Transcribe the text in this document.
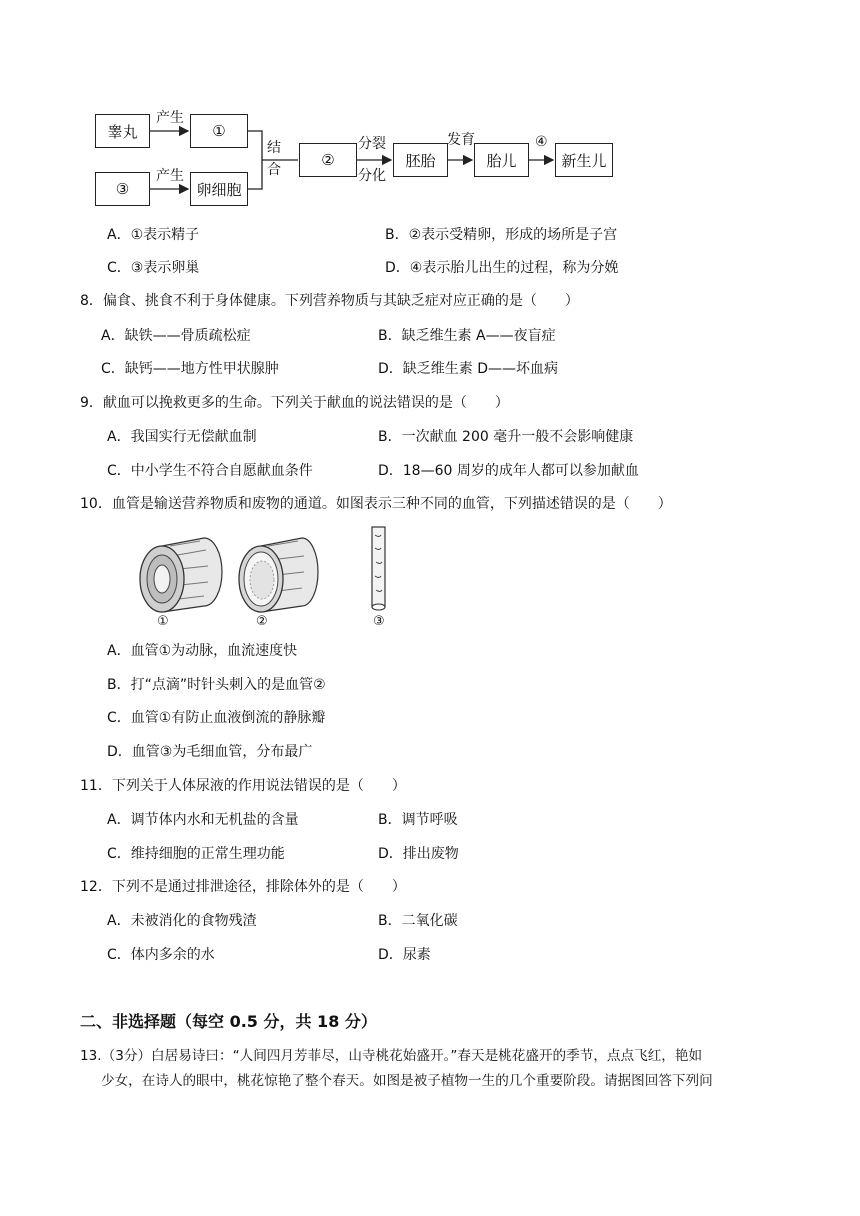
睾丸	①
③	卵细胞
②	胚胎	胎儿	新生儿
产生
产生
结
合
分裂
分化
发育	④
A．①表示精子	B．②表示受精卵，形成的场所是子宫
C．③表示卵巢	D．④表示胎儿出生的过程，称为分娩
8．偏食、挑食不利于身体健康。下列营养物质与其缺乏症对应正确的是（　　）
A．缺铁——骨质疏松症	B．缺乏维生素 A——夜盲症
C．缺钙——地方性甲状腺肿	D．缺乏维生素 D——坏血病
9．献血可以挽救更多的生命。下列关于献血的说法错误的是（　　）
A．我国实行无偿献血制	B．一次献血 200 毫升一般不会影响健康
C．中小学生不符合自愿献血条件	D．18—60 周岁的成年人都可以参加献血
10．血管是输送营养物质和废物的通道。如图表示三种不同的血管，下列描述错误的是（　　）
①	②	③
A．血管①为动脉，血流速度快
B．打“点滴”时针头刺入的是血管②
C．血管①有防止血液倒流的静脉瓣
D．血管③为毛细血管，分布最广
11．下列关于人体尿液的作用说法错误的是（　　）
A．调节体内水和无机盐的含量	B．调节呼吸
C．维持细胞的正常生理功能	D．排出废物
12．下列不是通过排泄途径，排除体外的是（　　）
A．未被消化的食物残渣	B．二氧化碳
C．体内多余的水	D．尿素
二、非选择题（每空 0.5 分，共 18 分）
13.（3分）白居易诗曰：“人间四月芳菲尽，山寺桃花始盛开。”春天是桃花盛开的季节，点点飞红，艳如
少女，在诗人的眼中，桃花惊艳了整个春天。如图是被子植物一生的几个重要阶段。请据图回答下列问
